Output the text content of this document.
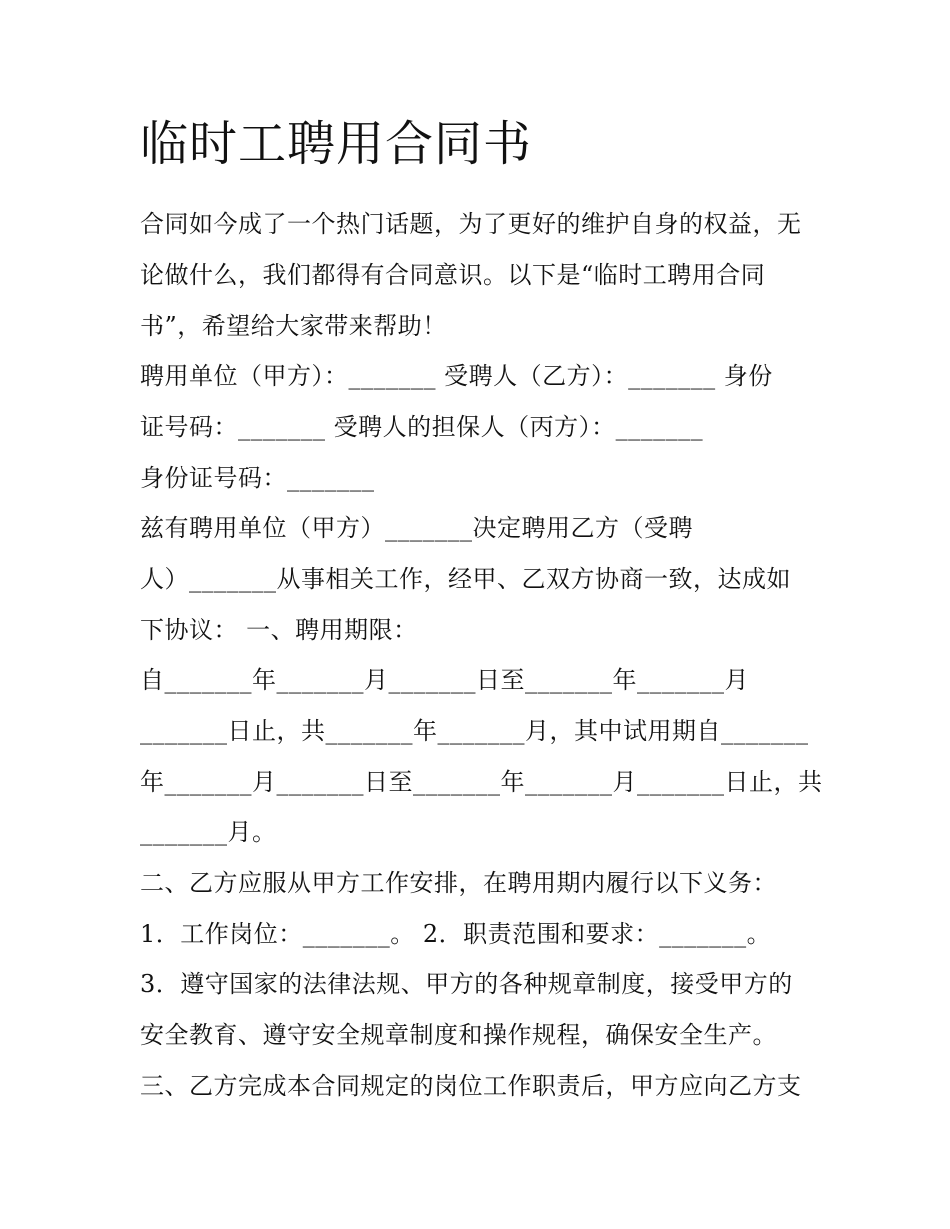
临时工聘用合同书
合同如今成了一个热门话题，为了更好的维护自身的权益，无
论做什么，我们都得有合同意识。以下是“临时工聘用合同
书”，希望给大家带来帮助！
聘用单位（甲方）：_______ 受聘人（乙方）：_______ 身份
证号码：_______ 受聘人的担保人（丙方）：_______
身份证号码：_______
兹有聘用单位（甲方）_______决定聘用乙方（受聘
人）_______从事相关工作，经甲、乙双方协商一致，达成如
下协议： 一、聘用期限：
自_______年_______月_______日至_______年_______月
_______日止，共_______年_______月，其中试用期自_______
年_______月_______日至_______年_______月_______日止，共
_______月。
二、乙方应服从甲方工作安排，在聘用期内履行以下义务：
1．工作岗位：_______。 2．职责范围和要求：_______。
3．遵守国家的法律法规、甲方的各种规章制度，接受甲方的
安全教育、遵守安全规章制度和操作规程，确保安全生产。
三、乙方完成本合同规定的岗位工作职责后，甲方应向乙方支
